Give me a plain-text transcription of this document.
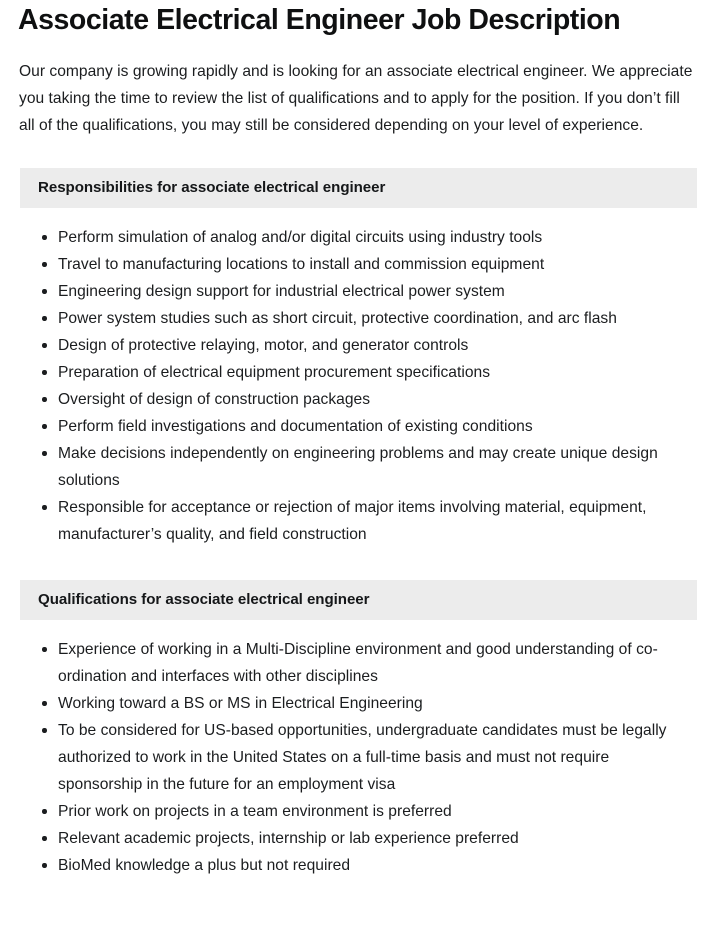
Associate Electrical Engineer Job Description

Our company is growing rapidly and is looking for an associate electrical engineer. We appreciate you taking the time to review the list of qualifications and to apply for the position. If you don’t fill all of the qualifications, you may still be considered depending on your level of experience.

Responsibilities for associate electrical engineer
Perform simulation of analog and/or digital circuits using industry tools
Travel to manufacturing locations to install and commission equipment
Engineering design support for industrial electrical power system
Power system studies such as short circuit, protective coordination, and arc flash
Design of protective relaying, motor, and generator controls
Preparation of electrical equipment procurement specifications
Oversight of design of construction packages
Perform field investigations and documentation of existing conditions
Make decisions independently on engineering problems and may create unique design solutions
Responsible for acceptance or rejection of major items involving material, equipment, manufacturer’s quality, and field construction
Qualifications for associate electrical engineer
Experience of working in a Multi-Discipline environment and good understanding of co-ordination and interfaces with other disciplines
Working toward a BS or MS in Electrical Engineering
To be considered for US-based opportunities, undergraduate candidates must be legally authorized to work in the United States on a full-time basis and must not require sponsorship in the future for an employment visa
Prior work on projects in a team environment is preferred
Relevant academic projects, internship or lab experience preferred
BioMed knowledge a plus but not required
